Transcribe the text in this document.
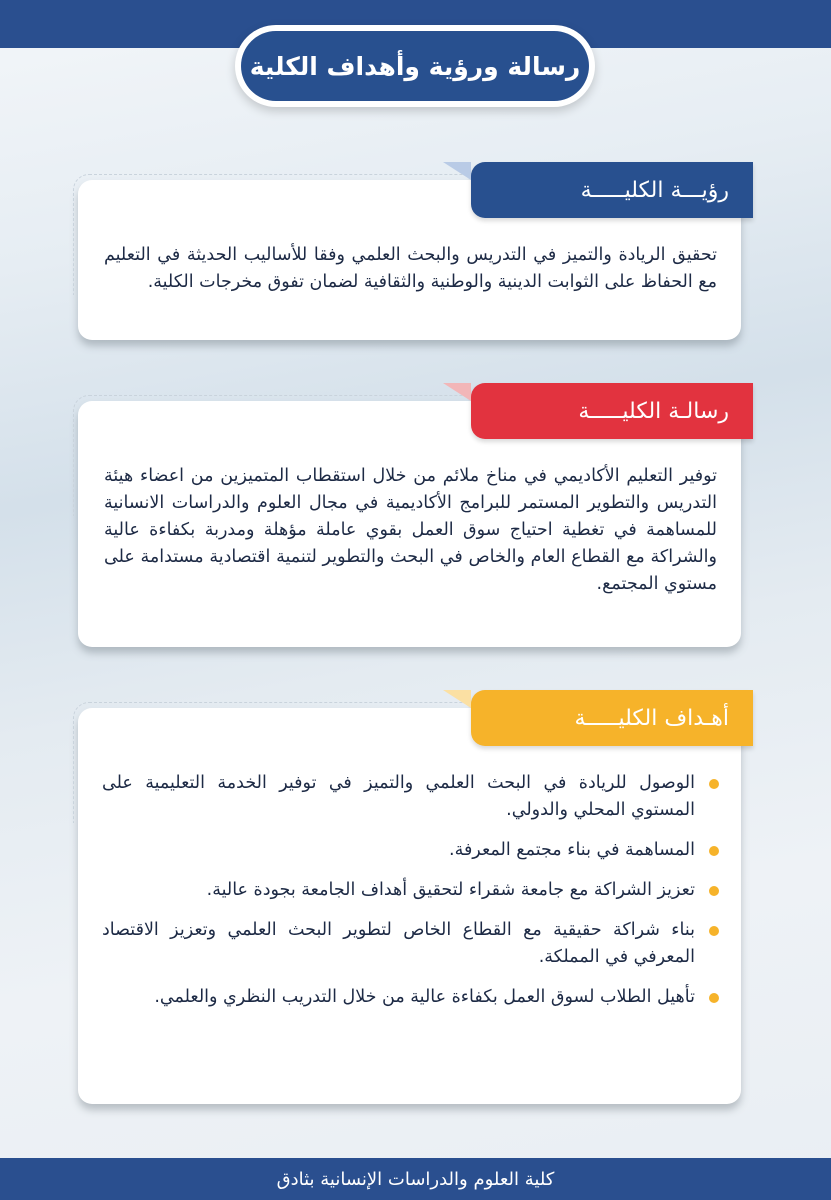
رسالة ورؤية وأهداف الكلية
رؤيـــة الكليـــــة
تحقيق الريادة والتميز في التدريس والبحث العلمي وفقا للأساليب الحديثة في التعليم مع الحفاظ على الثوابت الدينية والوطنية والثقافية لضمان تفوق مخرجات الكلية.
رسالـة الكليـــــة
توفير التعليم الأكاديمي في مناخ ملائم من خلال استقطاب المتميزين من اعضاء هيئة التدريس والتطوير المستمر للبرامج الأكاديمية في مجال العلوم والدراسات الانسانية للمساهمة في تغطية احتياج سوق العمل بقوي عاملة مؤهلة ومدربة بكفاءة عالية والشراكة مع القطاع العام والخاص في البحث والتطوير لتنمية اقتصادية مستدامة على مستوي المجتمع.
أهـداف الكليـــــة
الوصول للريادة في البحث العلمي والتميز في توفير الخدمة التعليمية على المستوي المحلي والدولي.
المساهمة في بناء مجتمع المعرفة.
تعزيز الشراكة مع جامعة شقراء لتحقيق أهداف الجامعة بجودة عالية.
بناء شراكة حقيقية مع القطاع الخاص لتطوير البحث العلمي وتعزيز الاقتصاد المعرفي في المملكة.
تأهيل الطلاب لسوق العمل بكفاءة عالية من خلال التدريب النظري والعلمي.
كلية العلوم والدراسات الإنسانية بثادق
